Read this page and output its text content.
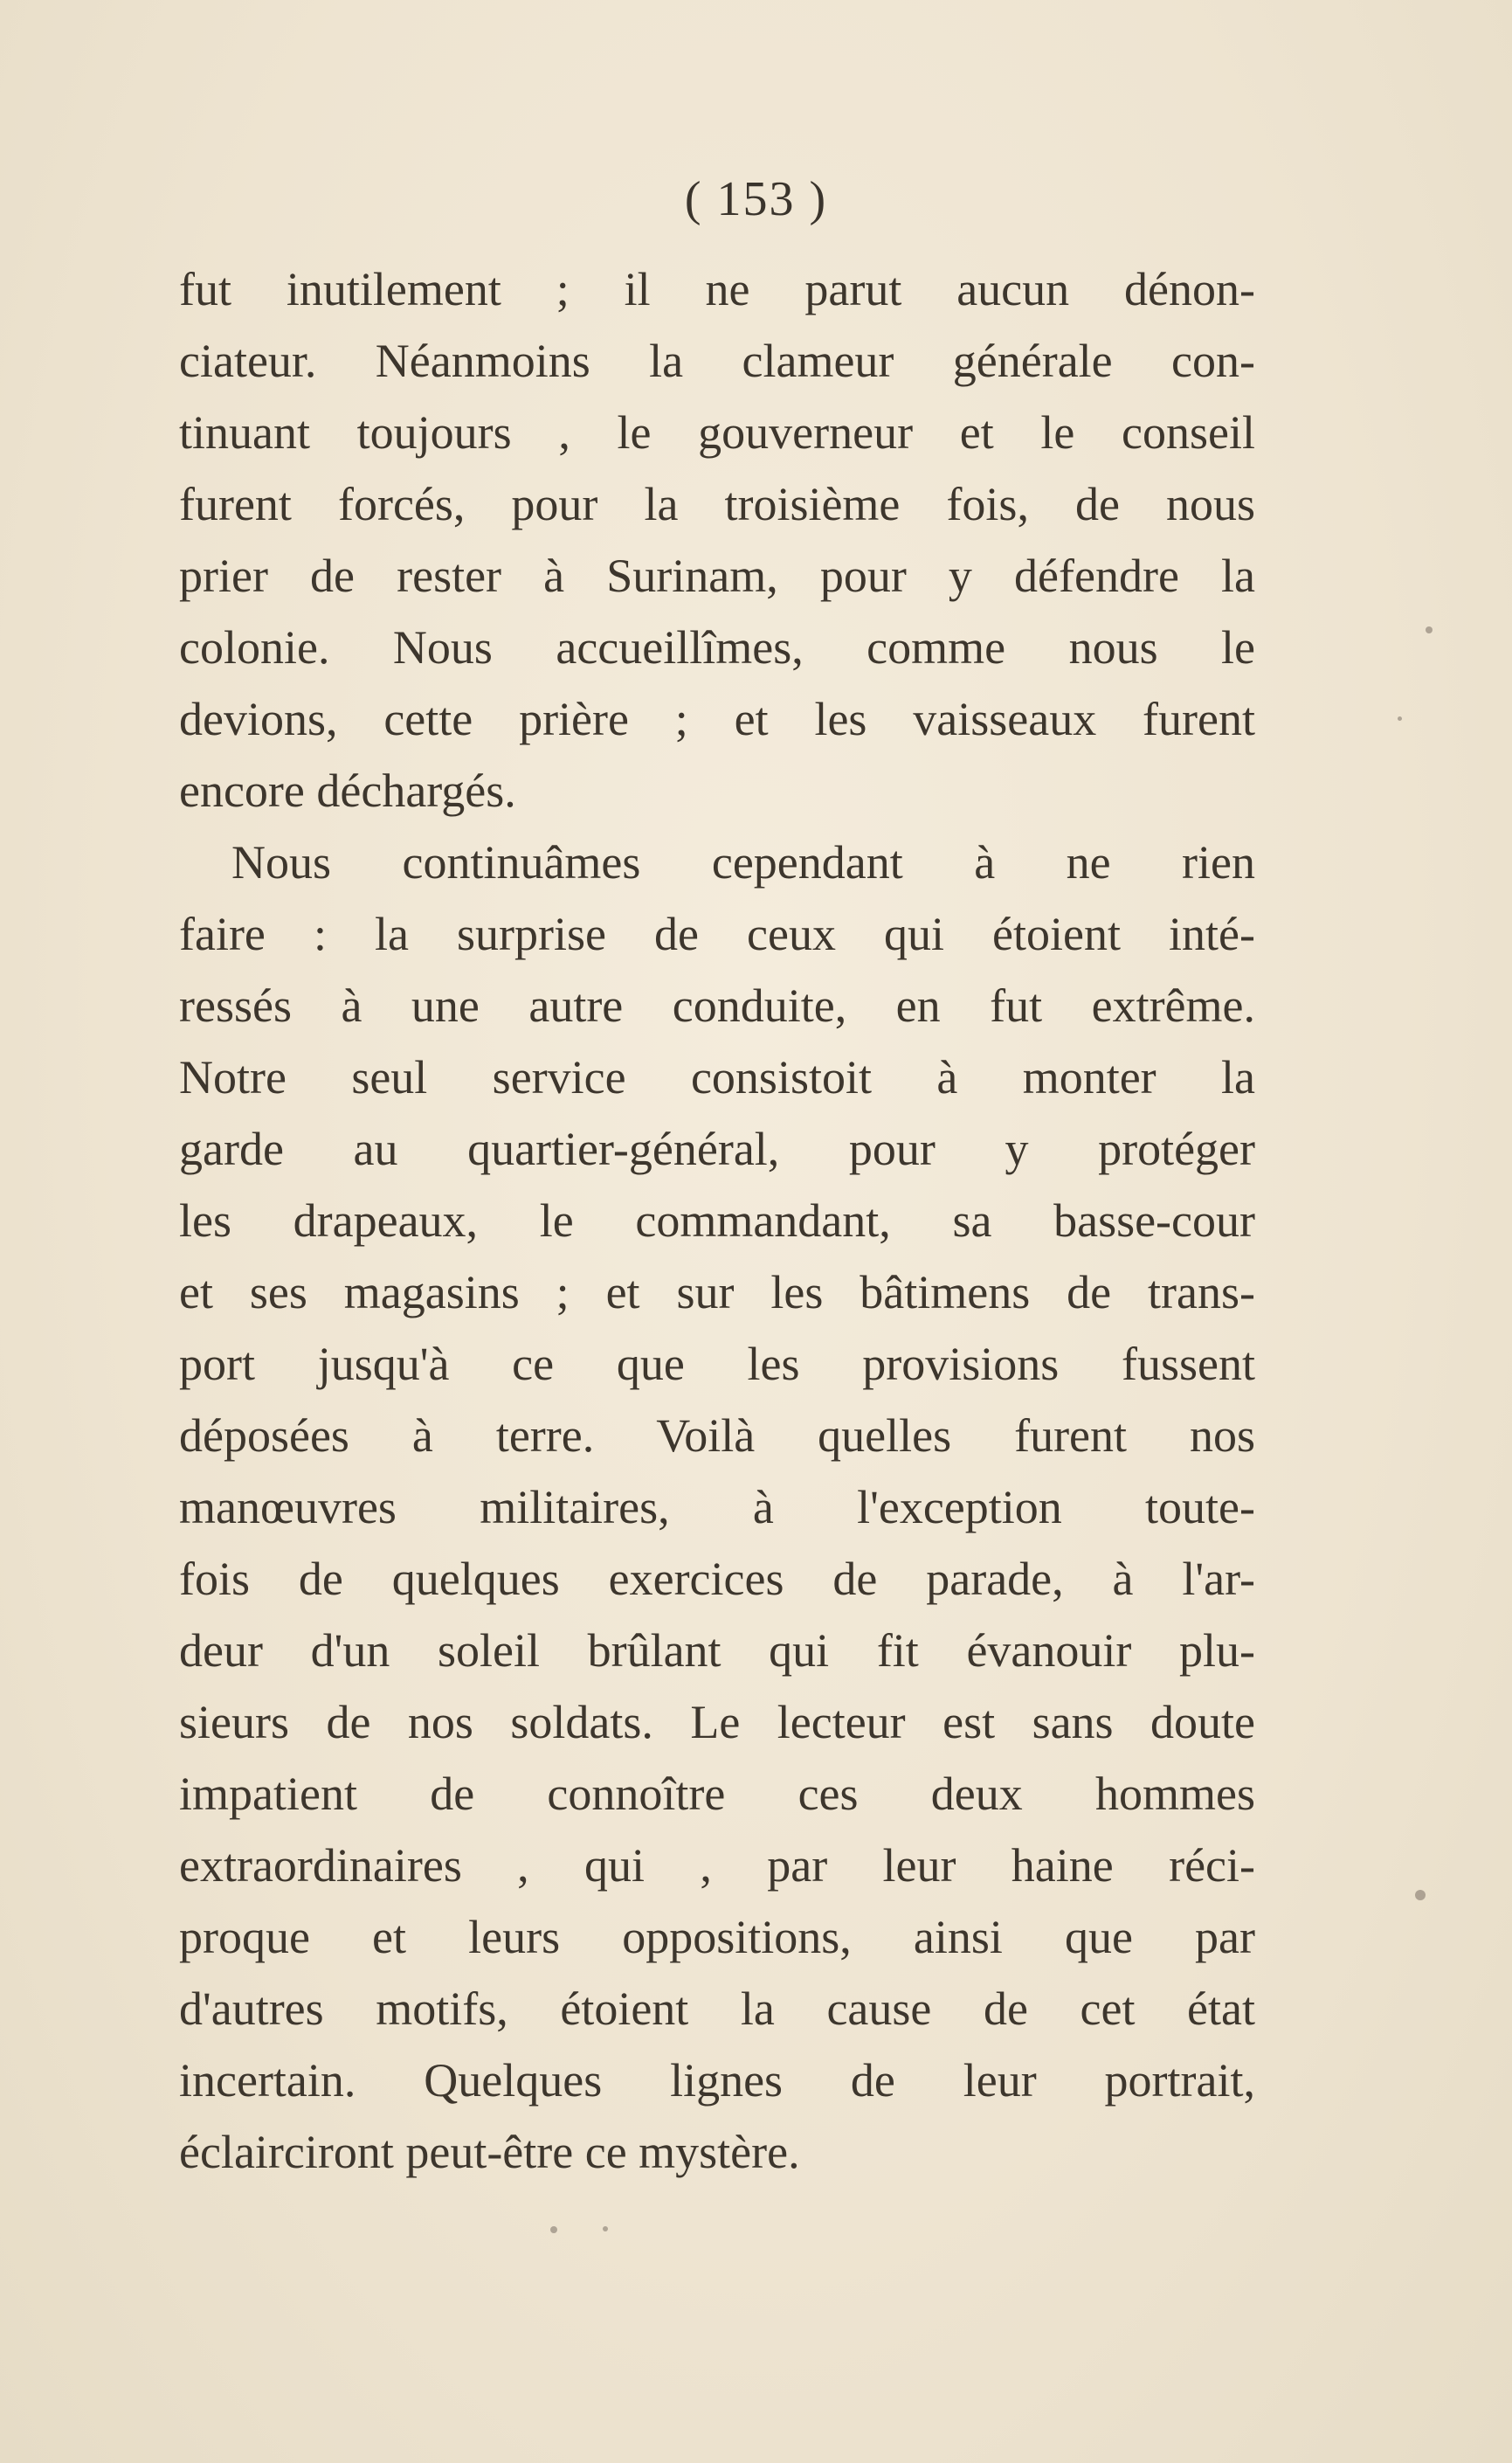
( 153 )
fut inutilement ; il ne parut aucun dénon-
ciateur. Néanmoins la clameur générale con-
tinuant toujours , le gouverneur et le conseil
furent forcés, pour la troisième fois, de nous
prier de rester à Surinam, pour y défendre la
colonie. Nous accueillîmes, comme nous le
devions, cette prière ; et les vaisseaux furent
encore déchargés.
Nous continuâmes cependant à ne rien
faire : la surprise de ceux qui étoient inté-
ressés à une autre conduite, en fut extrême.
Notre seul service consistoit à monter la
garde au quartier-général, pour y protéger
les drapeaux, le commandant, sa basse-cour
et ses magasins ; et sur les bâtimens de trans-
port jusqu'à ce que les provisions fussent
déposées à terre. Voilà quelles furent nos
manœuvres militaires, à l'exception toute-
fois de quelques exercices de parade, à l'ar-
deur d'un soleil brûlant qui fit évanouir plu-
sieurs de nos soldats. Le lecteur est sans doute
impatient de connoître ces deux hommes
extraordinaires , qui , par leur haine réci-
proque et leurs oppositions, ainsi que par
d'autres motifs, étoient la cause de cet état
incertain. Quelques lignes de leur portrait,
éclairciront peut-être ce mystère.
